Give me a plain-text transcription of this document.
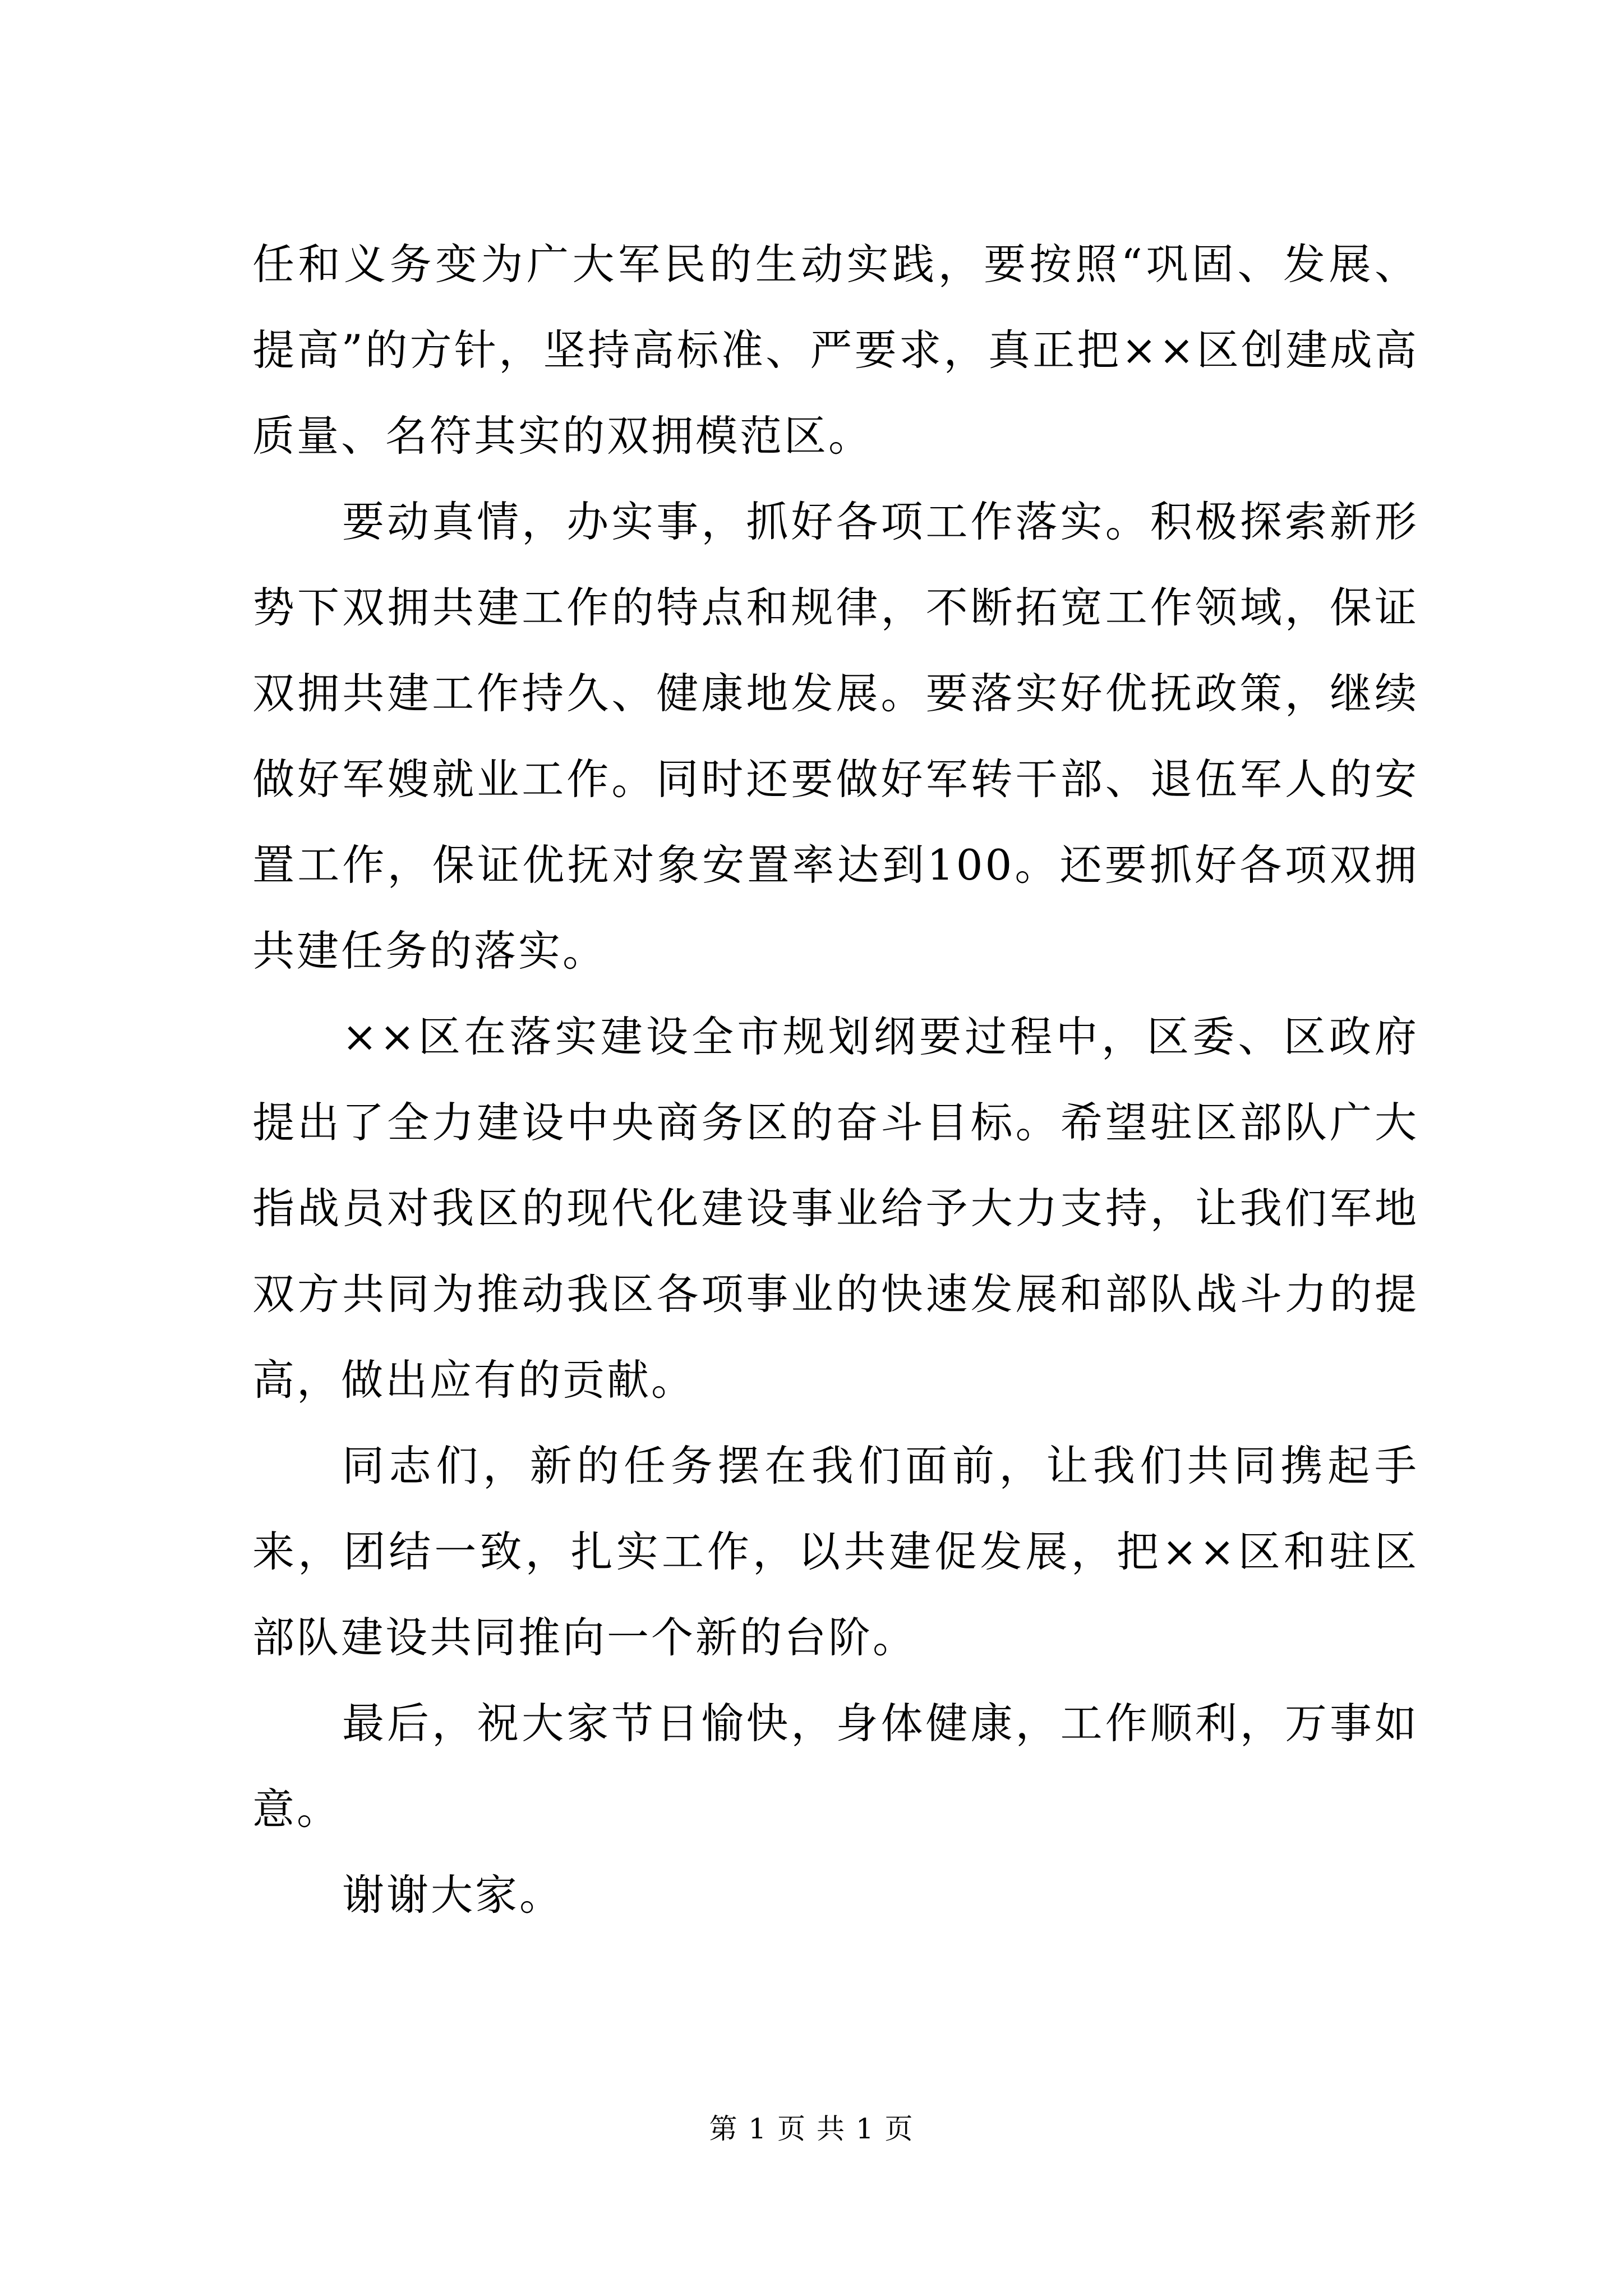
任和义务变为广大军民的生动实践，要按照“巩固、发展、提高”的方针，坚持高标准、严要求，真正把××区创建成高质量、名符其实的双拥模范区。

要动真情，办实事，抓好各项工作落实。积极探索新形势下双拥共建工作的特点和规律，不断拓宽工作领域，保证双拥共建工作持久、健康地发展。要落实好优抚政策，继续做好军嫂就业工作。同时还要做好军转干部、退伍军人的安置工作，保证优抚对象安置率达到100。还要抓好各项双拥共建任务的落实。

××区在落实建设全市规划纲要过程中，区委、区政府提出了全力建设中央商务区的奋斗目标。希望驻区部队广大指战员对我区的现代化建设事业给予大力支持，让我们军地双方共同为推动我区各项事业的快速发展和部队战斗力的提高，做出应有的贡献。

同志们，新的任务摆在我们面前，让我们共同携起手来，团结一致，扎实工作，以共建促发展，把××区和驻区部队建设共同推向一个新的台阶。

最后，祝大家节日愉快，身体健康，工作顺利，万事如意。

谢谢大家。

第 1 页 共 1 页
